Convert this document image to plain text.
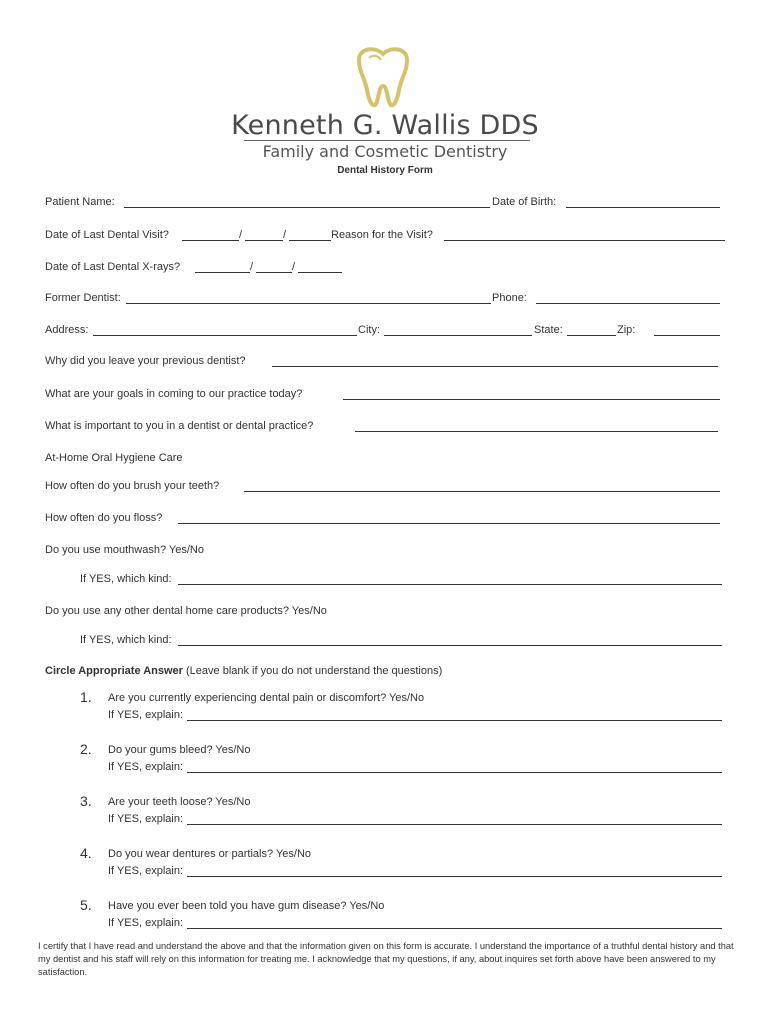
Kenneth G. Wallis DDS
Family and Cosmetic Dentistry
Dental History Form
Patient Name:	Date of Birth:
Date of Last Dental Visit?	/	/	Reason for the Visit?
Date of Last Dental X-rays?	/	/
Former Dentist:	Phone:
Address:	City:	State:	Zip:
Why did you leave your previous dentist?
What are your goals in coming to our practice today?
What is important to you in a dentist or dental practice?
At-Home Oral Hygiene Care
How often do you brush your teeth?
How often do you floss?
Do you use mouthwash? Yes/No
If YES, which kind:
Do you use any other dental home care products? Yes/No
If YES, which kind:
Circle Appropriate Answer (Leave blank if you do not understand the questions)
1. Are you currently experiencing dental pain or discomfort? Yes/No
If YES, explain:
2. Do your gums bleed? Yes/No
If YES, explain:
3. Are your teeth loose? Yes/No
If YES, explain:
4. Do you wear dentures or partials? Yes/No
If YES, explain:
5. Have you ever been told you have gum disease? Yes/No
If YES, explain:
I certify that I have read and understand the above and that the information given on this form is accurate. I understand the importance of a truthful dental history and that my dentist and his staff will rely on this information for treating me. I acknowledge that my questions, if any, about inquires set forth above have been answered to my satisfaction.
